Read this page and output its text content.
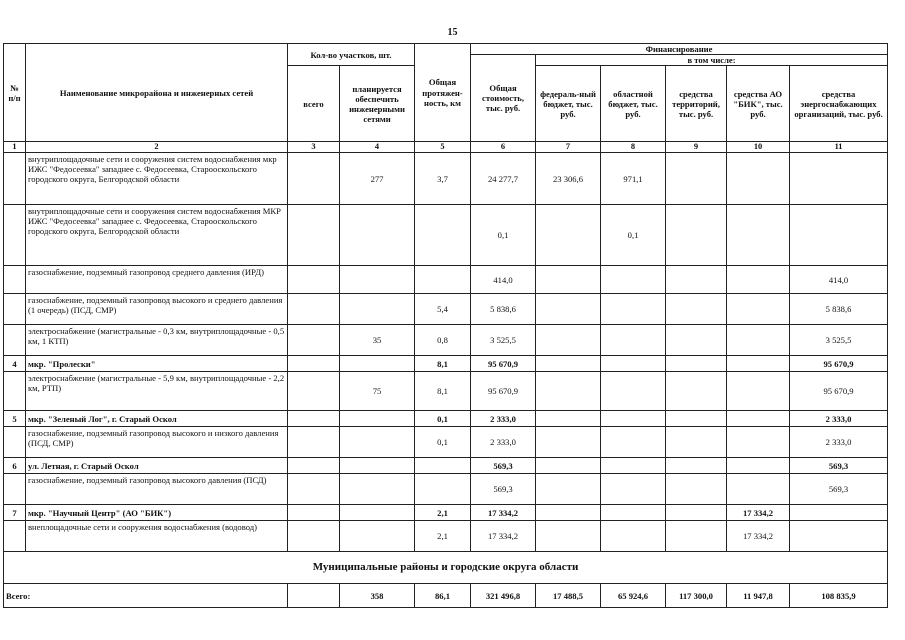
15
№ п/п	Наименование микрорайона и инженерных сетей	Кол-во участков, шт.		Общая протяжен-ность, км	Финансирование					
					Общая стоимость, тыс. руб.	в том числе:				
		всего	планируется обеспечить инженерными сетями			федераль-ный бюджет, тыс. руб.	областной бюджет, тыс. руб.	средства территорий, тыс. руб.	средства АО "БИК", тыс. руб.	средства энергоснабжающих организаций, тыс. руб.
1	2	3	4	5	6	7	8	9	10	11
	внутриплощадочные сети и сооружения систем водоснабжения мкр ИЖС "Федосеевка" западнее с. Федосеевка, Старооскольского городского округа, Белгородской области		277	3,7	24 277,7	23 306,6	971,1			
	внутриплощадочные сети и сооружения систем водоснабжения МКР ИЖС "Федосеевка" западнее с. Федосеевка, Старооскольского городского округа, Белгородской области				0,1		0,1			
	газоснабжение, подземный газопровод среднего давления (ИРД)				414,0					414,0
	газоснабжение, подземный газопровод высокого и среднего давления (1 очередь) (ПСД, СМР)			5,4	5 838,6					5 838,6
	электроснабжение (магистральные - 0,3 км, внутриплощадочные - 0,5 км, 1 КТП)		35	0,8	3 525,5					3 525,5
4	мкр. "Пролески"			8,1	95 670,9					95 670,9
	электроснабжение (магистральные - 5,9 км, внутриплощадочные - 2,2 км, РТП)		75	8,1	95 670,9					95 670,9
5	мкр. "Зеленый Лог", г. Старый Оскол			0,1	2 333,0					2 333,0
	газоснабжение, подземный газопровод высокого и низкого давления (ПСД, СМР)			0,1	2 333,0					2 333,0
6	ул. Летная, г. Старый Оскол				569,3					569,3
	газоснабжение, подземный газопровод высокого давления (ПСД)				569,3					569,3
7	мкр. "Научный Центр" (АО "БИК")			2,1	17 334,2				17 334,2	
	внеплощадочные сети и сооружения водоснабжения (водовод)			2,1	17 334,2				17 334,2	
Муниципальные районы и городские округа области										
Всего:			358	86,1	321 496,8	17 488,5	65 924,6	117 300,0	11 947,8	108 835,9
